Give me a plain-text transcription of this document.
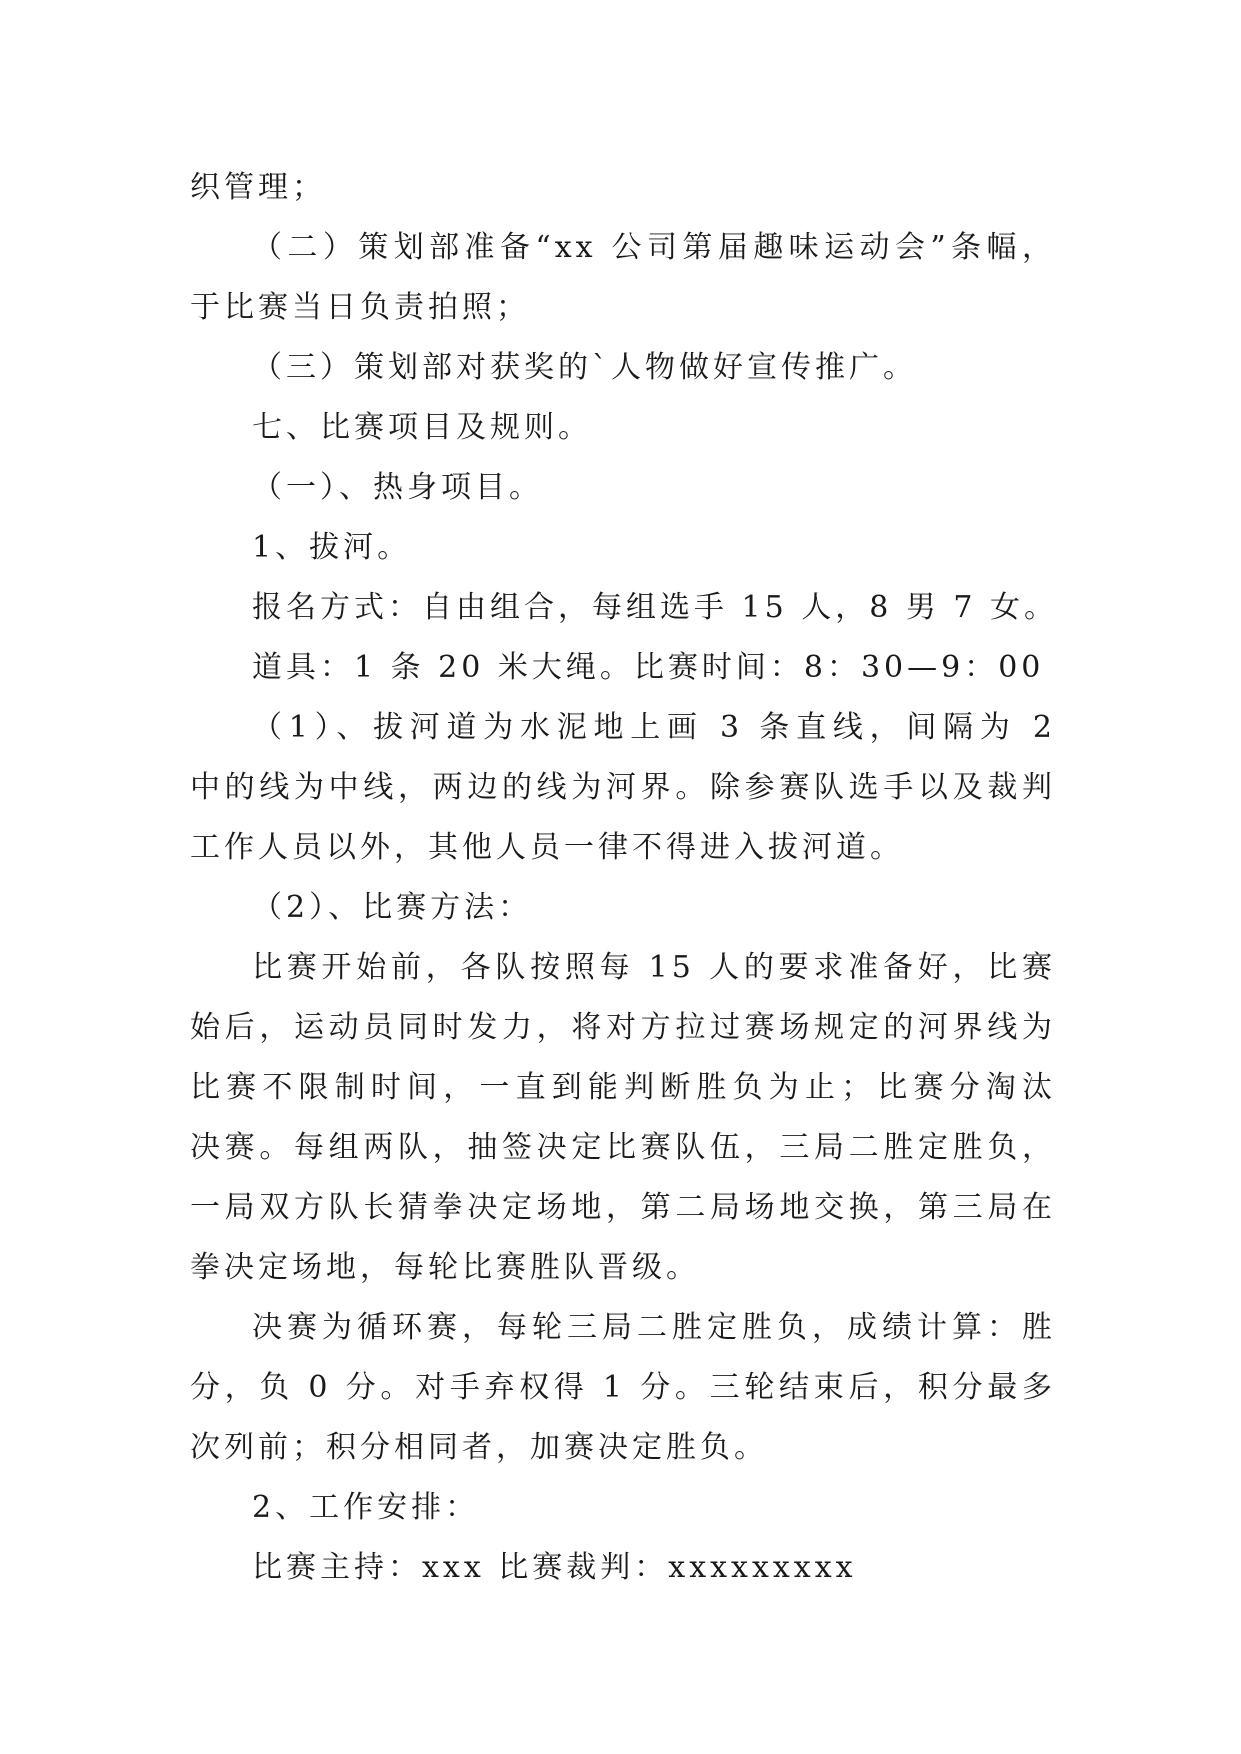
织管理；
（二）策划部准备“xx 公司第届趣味运动会”条幅，
于比赛当日负责拍照；
（三）策划部对获奖的`人物做好宣传推广。
七、比赛项目及规则。
（一）、热身项目。
1、拔河。
报名方式：自由组合，每组选手 15 人，8 男 7 女。
道具：1 条 20 米大绳。比赛时间：8：30—9：00
（1）、拔河道为水泥地上画 3 条直线，间隔为 2
中的线为中线，两边的线为河界。除参赛队选手以及裁判
工作人员以外，其他人员一律不得进入拔河道。
（2）、比赛方法：
比赛开始前，各队按照每 15 人的要求准备好，比赛
始后，运动员同时发力，将对方拉过赛场规定的河界线为
比赛不限制时间，一直到能判断胜负为止；比赛分淘汰
决赛。每组两队，抽签决定比赛队伍，三局二胜定胜负，
一局双方队长猜拳决定场地，第二局场地交换，第三局在
拳决定场地，每轮比赛胜队晋级。
决赛为循环赛，每轮三局二胜定胜负，成绩计算：胜
分，负 0 分。对手弃权得 1 分。三轮结束后，积分最多
次列前；积分相同者，加赛决定胜负。
2、工作安排：
比赛主持：xxx 比赛裁判：xxxxxxxxx
